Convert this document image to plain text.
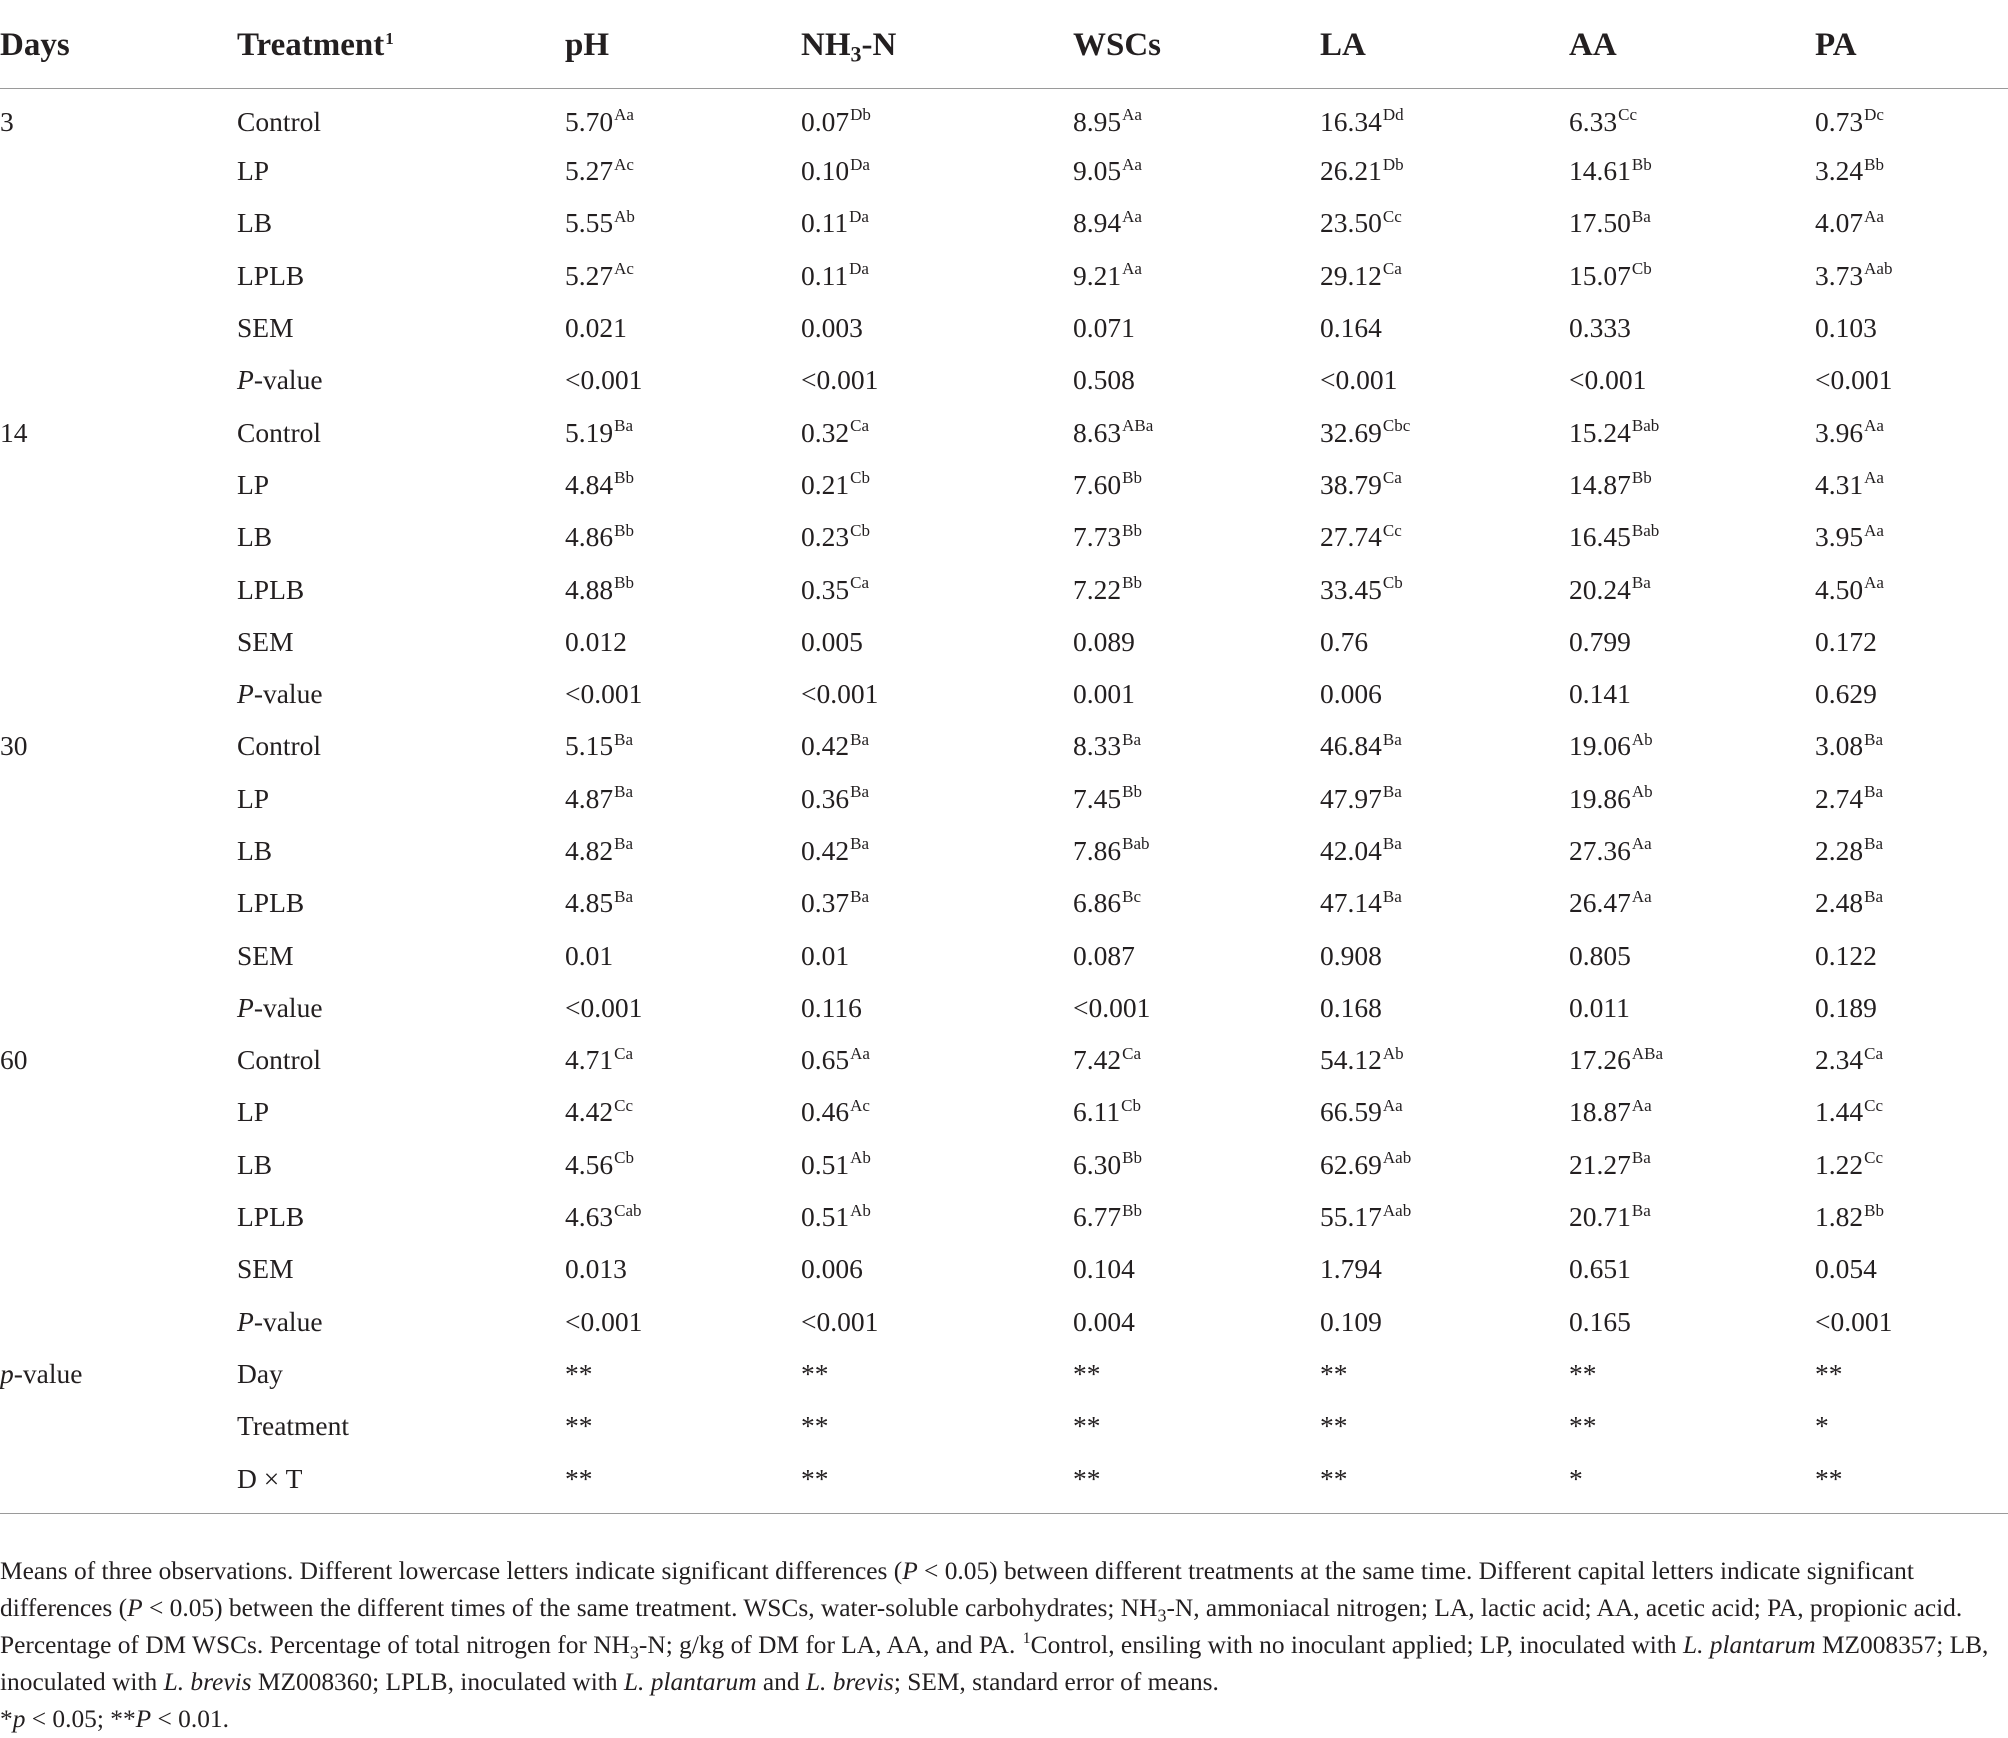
Days	Treatment$^1$	pH	$NH_3-N$	WSCs	LA	AA	PA
3	Control	$5.70^{Aa}$	$0.07^{Db}$	$8.95^{Aa}$	$16.34^{Dd}$	$6.33^{Cc}$	$0.73^{Dc}$
	LP	$5.27^{Ac}$	$0.10^{Da}$	$9.05^{Aa}$	$26.21^{Db}$	$14.61^{Bb}$	$3.24^{Bb}$
	LB	$5.55^{Ab}$	$0.11^{Da}$	$8.94^{Aa}$	$23.50^{Cc}$	$17.50^{Ba}$	$4.07^{Aa}$
	LPLB	$5.27^{Ac}$	$0.11^{Da}$	$9.21^{Aa}$	$29.12^{Ca}$	$15.07^{Cb}$	$3.73^{Aab}$
	SEM	0.021	0.003	0.071	0.164	0.333	0.103
	P-value	<0.001	<0.001	0.508	<0.001	<0.001	<0.001
14	Control	$5.19^{Ba}$	$0.32^{Ca}$	$8.63^{ABa}$	$32.69^{Cbc}$	$15.24^{Bab}$	$3.96^{Aa}$
	LP	$4.84^{Bb}$	$0.21^{Cb}$	$7.60^{Bb}$	$38.79^{Ca}$	$14.87^{Bb}$	$4.31^{Aa}$
	LB	$4.86^{Bb}$	$0.23^{Cb}$	$7.73^{Bb}$	$27.74^{Cc}$	$16.45^{Bab}$	$3.95^{Aa}$
	LPLB	$4.88^{Bb}$	$0.35^{Ca}$	$7.22^{Bb}$	$33.45^{Cb}$	$20.24^{Ba}$	$4.50^{Aa}$
	SEM	0.012	0.005	0.089	0.76	0.799	0.172
	P-value	<0.001	<0.001	0.001	0.006	0.141	0.629
30	Control	$5.15^{Ba}$	$0.42^{Ba}$	$8.33^{Ba}$	$46.84^{Ba}$	$19.06^{Ab}$	$3.08^{Ba}$
	LP	$4.87^{Ba}$	$0.36^{Ba}$	$7.45^{Bb}$	$47.97^{Ba}$	$19.86^{Ab}$	$2.74^{Ba}$
	LB	$4.82^{Ba}$	$0.42^{Ba}$	$7.86^{Bab}$	$42.04^{Ba}$	$27.36^{Aa}$	$2.28^{Ba}$
	LPLB	$4.85^{Ba}$	$0.37^{Ba}$	$6.86^{Bc}$	$47.14^{Ba}$	$26.47^{Aa}$	$2.48^{Ba}$
	SEM	0.01	0.01	0.087	0.908	0.805	0.122
	P-value	<0.001	0.116	<0.001	0.168	0.011	0.189
60	Control	$4.71^{Ca}$	$0.65^{Aa}$	$7.42^{Ca}$	$54.12^{Ab}$	$17.26^{ABa}$	$2.34^{Ca}$
	LP	$4.42^{Cc}$	$0.46^{Ac}$	$6.11^{Cb}$	$66.59^{Aa}$	$18.87^{Aa}$	$1.44^{Cc}$
	LB	$4.56^{Cb}$	$0.51^{Ab}$	$6.30^{Bb}$	$62.69^{Aab}$	$21.27^{Ba}$	$1.22^{Cc}$
	LPLB	$4.63^{Cab}$	$0.51^{Ab}$	$6.77^{Bb}$	$55.17^{Aab}$	$20.71^{Ba}$	$1.82^{Bb}$
	SEM	0.013	0.006	0.104	1.794	0.651	0.054
	P-value	<0.001	<0.001	0.004	0.109	0.165	<0.001
p-value	Day	**	**	**	**	**	**
	Treatment	**	**	**	**	**	*
	D × T	**	**	**	**	*	**

Means of three observations. Different lowercase letters indicate significant differences (P < 0.05) between different treatments at the same time. Different capital letters indicate significant differences (P < 0.05) between the different times of the same treatment. WSCs, water-soluble carbohydrates; $NH_3-N$, ammoniacal nitrogen; LA, lactic acid; AA, acetic acid; PA, propionic acid. Percentage of DM WSCs. Percentage of total nitrogen for $NH_3-N$; g/kg of DM for LA, AA, and PA. $^1$Control, ensiling with no inoculant applied; LP, inoculated with L. plantarum MZ008357; LB, inoculated with L. brevis MZ008360; LPLB, inoculated with L. plantarum and L. brevis; SEM, standard error of means.

*p < 0.05; **P < 0.01.
